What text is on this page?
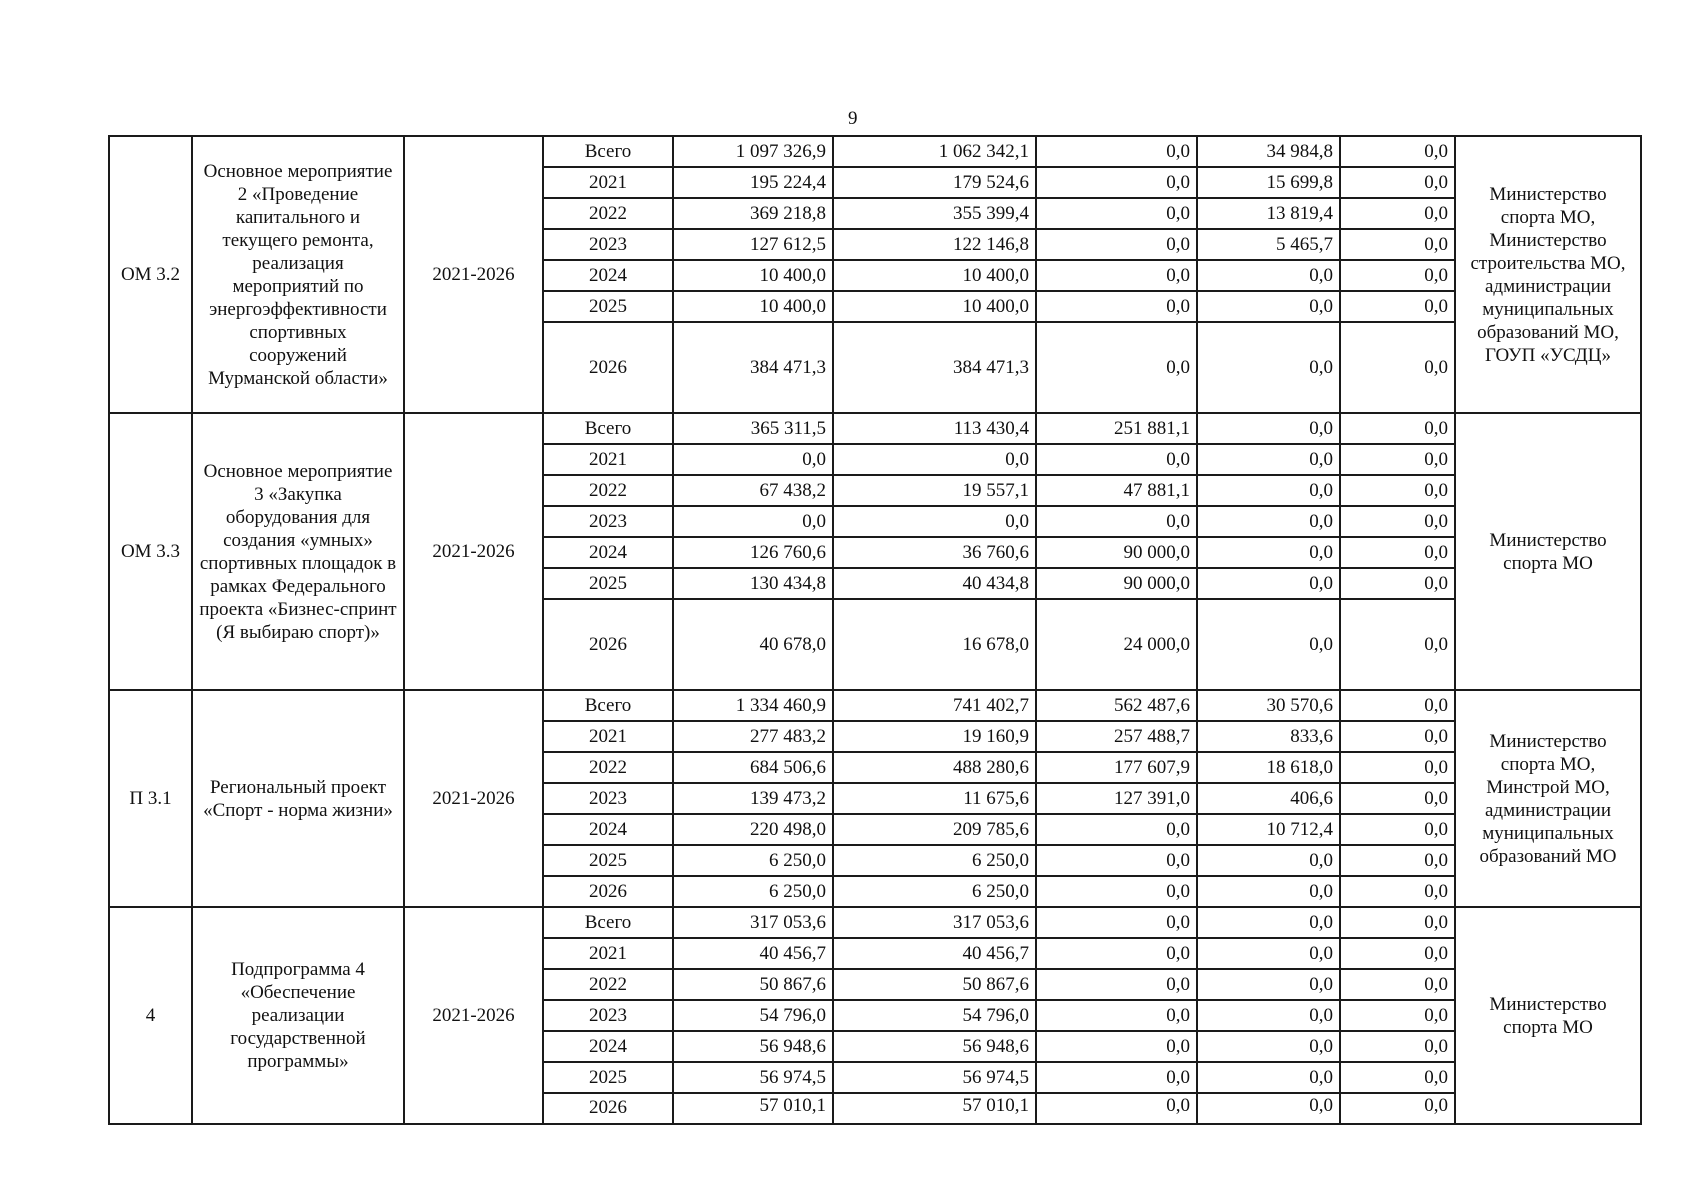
9
ОМ 3.2	Основное мероприятие 2 «Проведение капитального и текущего ремонта, реализация мероприятий по энергоэффективности спортивных сооружений Мурманской области»	2021-2026	Всего	1 097 326,9	1 062 342,1	0,0	34 984,8	0,0	Министерство спорта МО, Министерство строительства МО, администрации муниципальных образований МО, ГОУП «УСДЦ»
			2021	195 224,4	179 524,6	0,0	15 699,8	0,0	
			2022	369 218,8	355 399,4	0,0	13 819,4	0,0	
			2023	127 612,5	122 146,8	0,0	5 465,7	0,0	
			2024	10 400,0	10 400,0	0,0	0,0	0,0	
			2025	10 400,0	10 400,0	0,0	0,0	0,0	
			2026	384 471,3	384 471,3	0,0	0,0	0,0	
ОМ 3.3	Основное мероприятие 3 «Закупка оборудования для создания «умных» спортивных площадок в рамках Федерального проекта «Бизнес-спринт (Я выбираю спорт)»	2021-2026	Всего	365 311,5	113 430,4	251 881,1	0,0	0,0	Министерство спорта МО
			2021	0,0	0,0	0,0	0,0	0,0	
			2022	67 438,2	19 557,1	47 881,1	0,0	0,0	
			2023	0,0	0,0	0,0	0,0	0,0	
			2024	126 760,6	36 760,6	90 000,0	0,0	0,0	
			2025	130 434,8	40 434,8	90 000,0	0,0	0,0	
			2026	40 678,0	16 678,0	24 000,0	0,0	0,0	
П 3.1	Региональный проект «Спорт - норма жизни»	2021-2026	Всего	1 334 460,9	741 402,7	562 487,6	30 570,6	0,0	Министерство спорта МО, Минстрой МО, администрации муниципальных образований МО
			2021	277 483,2	19 160,9	257 488,7	833,6	0,0	
			2022	684 506,6	488 280,6	177 607,9	18 618,0	0,0	
			2023	139 473,2	11 675,6	127 391,0	406,6	0,0	
			2024	220 498,0	209 785,6	0,0	10 712,4	0,0	
			2025	6 250,0	6 250,0	0,0	0,0	0,0	
			2026	6 250,0	6 250,0	0,0	0,0	0,0	
4	Подпрограмма 4 «Обеспечение реализации государственной программы»	2021-2026	Всего	317 053,6	317 053,6	0,0	0,0	0,0	Министерство спорта МО
			2021	40 456,7	40 456,7	0,0	0,0	0,0	
			2022	50 867,6	50 867,6	0,0	0,0	0,0	
			2023	54 796,0	54 796,0	0,0	0,0	0,0	
			2024	56 948,6	56 948,6	0,0	0,0	0,0	
			2025	56 974,5	56 974,5	0,0	0,0	0,0	
			2026	57 010,1	57 010,1	0,0	0,0	0,0	
